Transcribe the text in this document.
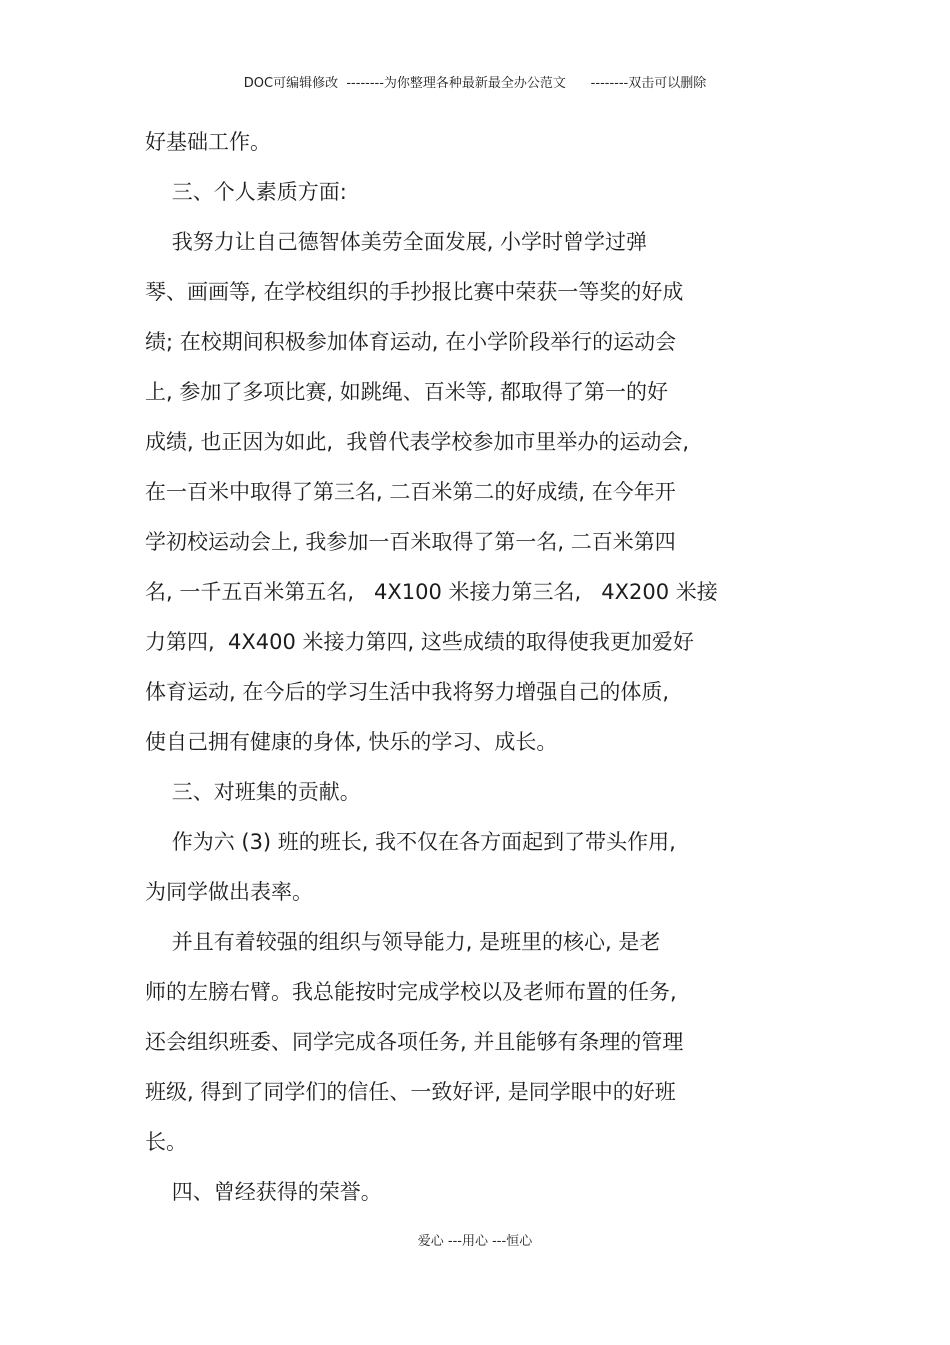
DOC可编辑修改  --------为你整理各种最新最全办公范文      --------双击可以删除
好基础工作。
三、个人素质方面:
我努力让自己德智体美劳全面发展, 小学时曾学过弹
琴、画画等, 在学校组织的手抄报比赛中荣获一等奖的好成
绩; 在校期间积极参加体育运动, 在小学阶段举行的运动会
上, 参加了多项比赛, 如跳绳、百米等, 都取得了第一的好
成绩, 也正因为如此,  我曾代表学校参加市里举办的运动会,
在一百米中取得了第三名, 二百米第二的好成绩, 在今年开
学初校运动会上, 我参加一百米取得了第一名, 二百米第四
名, 一千五百米第五名,   4X100 米接力第三名,   4X200 米接
力第四,  4X400 米接力第四, 这些成绩的取得使我更加爱好
体育运动, 在今后的学习生活中我将努力增强自己的体质,
使自己拥有健康的身体, 快乐的学习、成长。
三、对班集的贡献。
作为六 (3) 班的班长, 我不仅在各方面起到了带头作用,
为同学做出表率。
并且有着较强的组织与领导能力, 是班里的核心, 是老
师的左膀右臂。我总能按时完成学校以及老师布置的任务,
还会组织班委、同学完成各项任务, 并且能够有条理的管理
班级, 得到了同学们的信任、一致好评, 是同学眼中的好班
长。
四、曾经获得的荣誉。
爱心 ---用心 ---恒心
